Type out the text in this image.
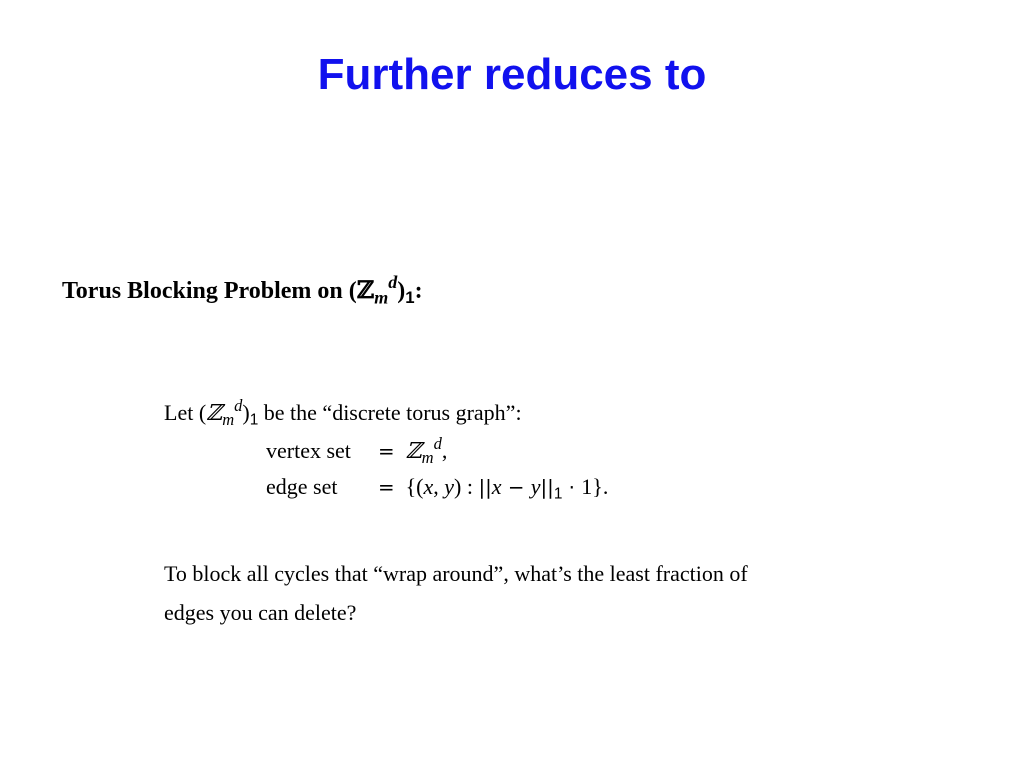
Further reduces to
Torus Blocking Problem on $(ℤ_m^d)_1$:
Let $(ℤ_m^d)_1$ be the “discrete torus graph”:
vertex set = ℤ$_m^d$,
edge set = {(x, y) : $||x - y||_1 \cdot 1$}.
To block all cycles that “wrap around”, what’s the least fraction of
edges you can delete?
